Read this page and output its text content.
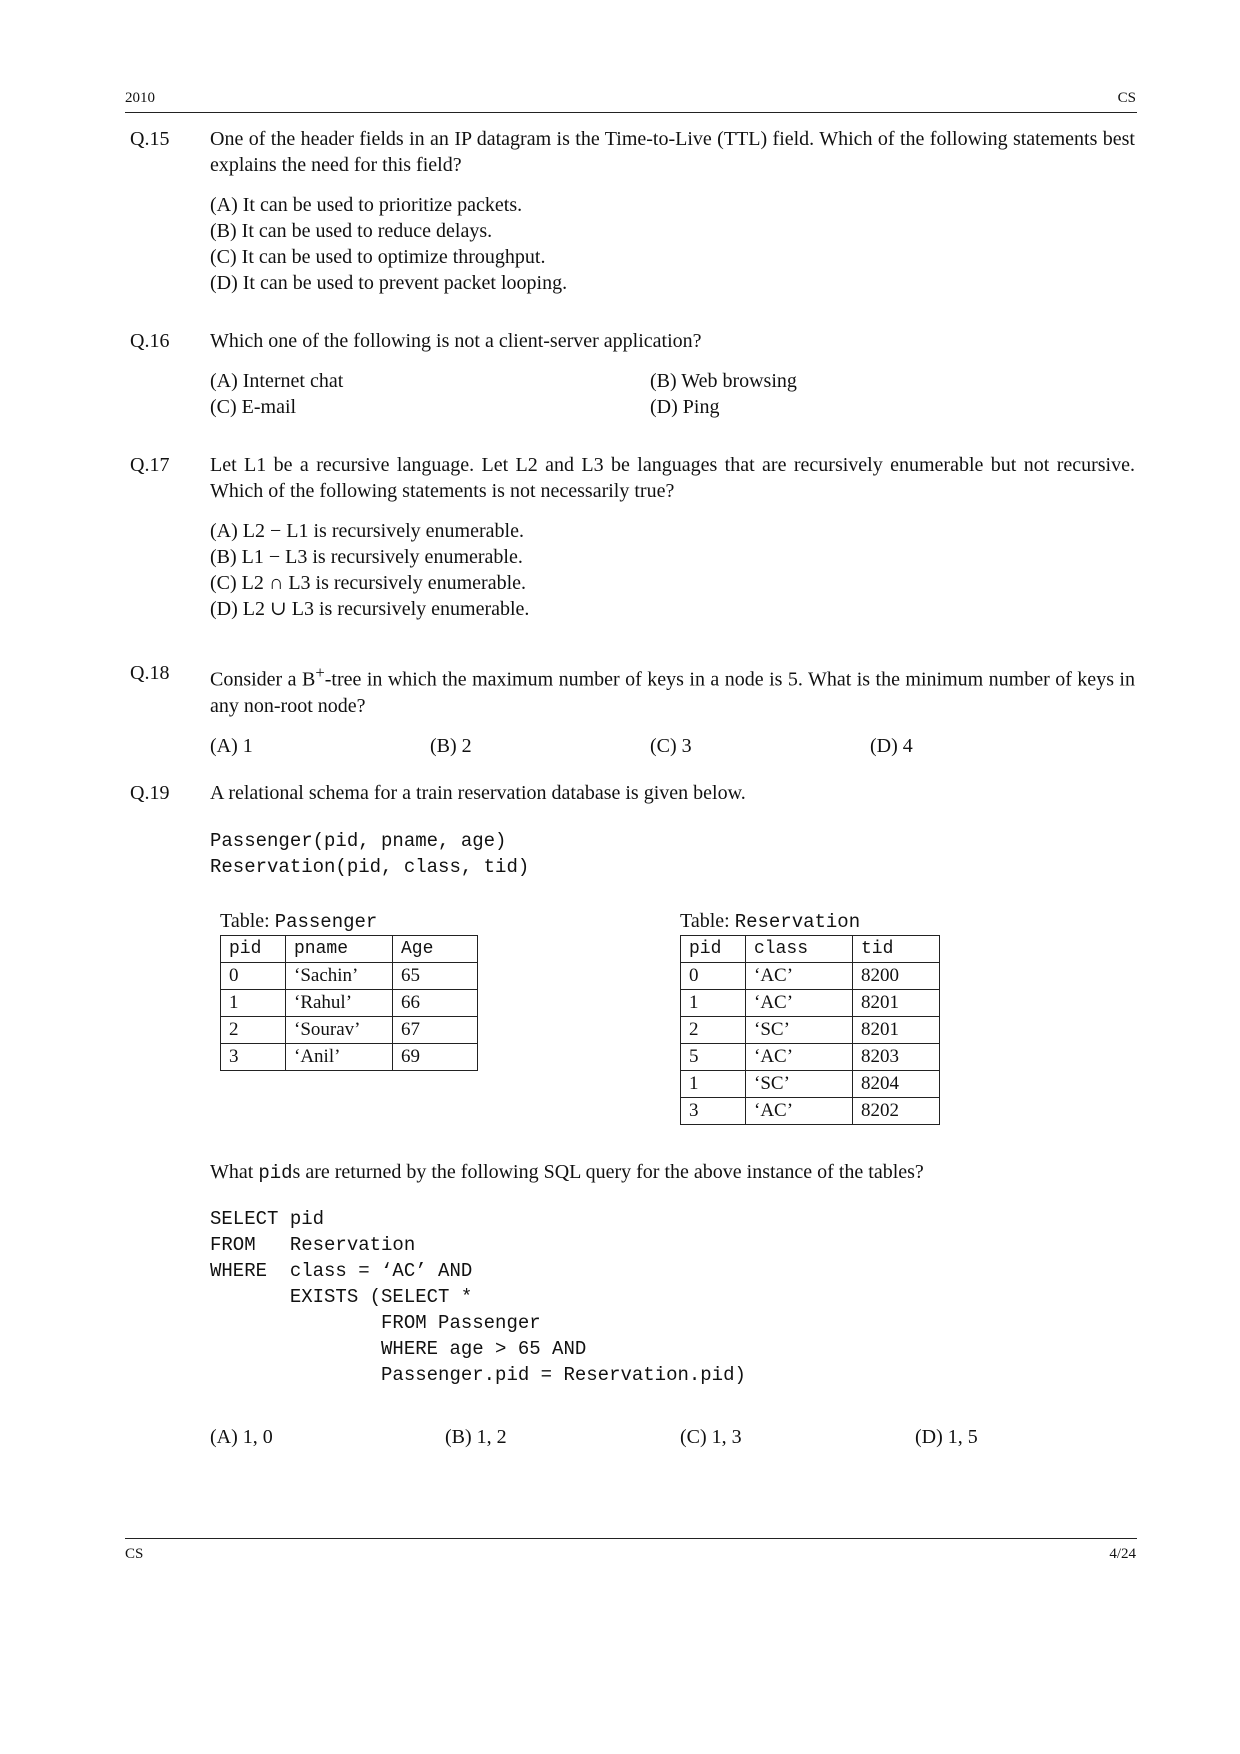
2010	CS
Q.15	One of the header fields in an IP datagram is the Time-to-Live (TTL) field. Which of the following statements best explains the need for this field?
(A) It can be used to prioritize packets.
(B) It can be used to reduce delays.
(C) It can be used to optimize throughput.
(D) It can be used to prevent packet looping.
Q.16	Which one of the following is not a client-server application?
(A) Internet chat	(B) Web browsing
(C) E-mail	(D) Ping
Q.17	Let L1 be a recursive language. Let L2 and L3 be languages that are recursively enumerable but not recursive. Which of the following statements is not necessarily true?
(A) L2 − L1 is recursively enumerable.
(B) L1 − L3 is recursively enumerable.
(C) L2 ∩ L3 is recursively enumerable.
(D) L2 ∪ L3 is recursively enumerable.
Q.18	Consider a B+-tree in which the maximum number of keys in a node is 5. What is the minimum number of keys in any non-root node?
(A) 1	(B) 2	(C) 3	(D) 4
Q.19	A relational schema for a train reservation database is given below.
Passenger(pid, pname, age)
Reservation(pid, class, tid)
Table: Passenger
pid	pname	Age
0	‘Sachin’	65
1	‘Rahul’	66
2	‘Sourav’	67
3	‘Anil’	69
Table: Reservation
pid	class	tid
0	‘AC’	8200
1	‘AC’	8201
2	‘SC’	8201
5	‘AC’	8203
1	‘SC’	8204
3	‘AC’	8202
What pids are returned by the following SQL query for the above instance of the tables?
SELECT pid
FROM   Reservation
WHERE  class = ‘AC’ AND
EXISTS (SELECT *
FROM Passenger
WHERE age > 65 AND
Passenger.pid = Reservation.pid)
(A) 1, 0	(B) 1, 2	(C) 1, 3	(D) 1, 5
CS	4/24
